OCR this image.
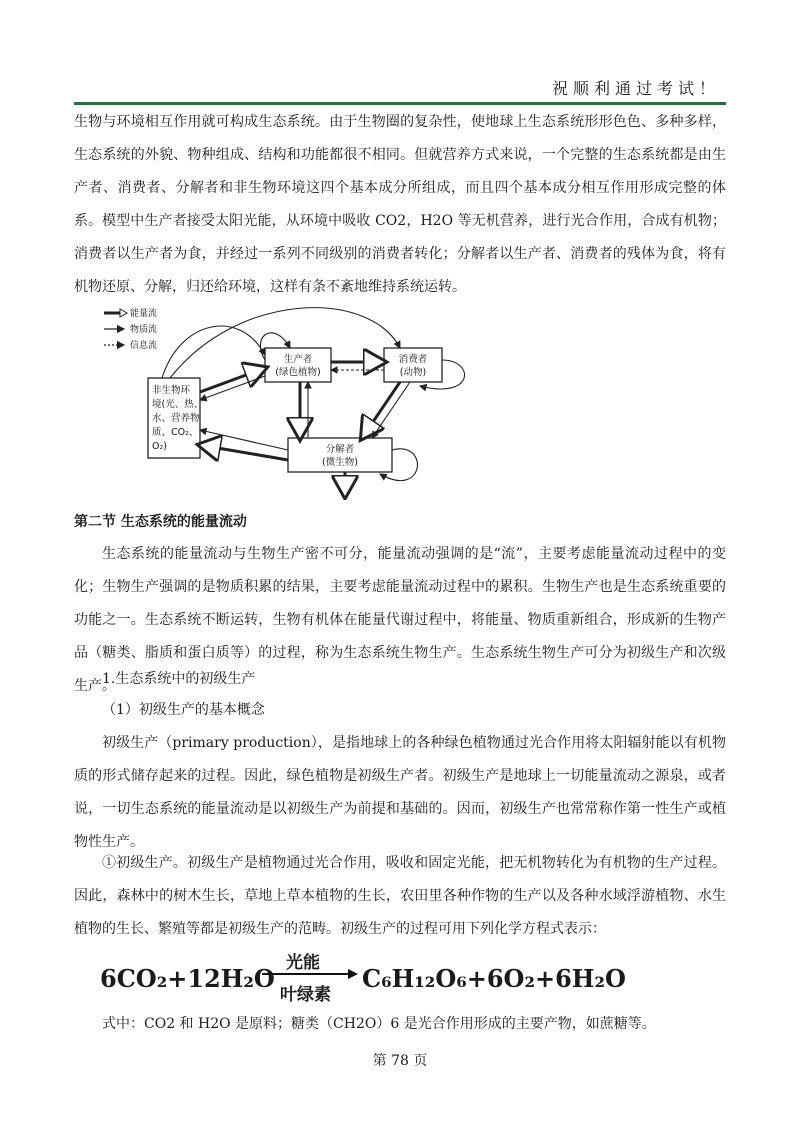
祝顺利通过考试！

生物与环境相互作用就可构成生态系统。由于生物圈的复杂性，使地球上生态系统形形色色、多种多样，生态系统的外貌、物种组成、结构和功能都很不相同。但就营养方式来说，一个完整的生态系统都是由生产者、消费者、分解者和非生物环境这四个基本成分所组成，而且四个基本成分相互作用形成完整的体系。 模型中生产者接受太阳光能，从环境中吸收 CO2，H2O 等无机营养，进行光合作用，合成有机物；消费者以生产者为食，并经过一系列不同级别的消费者转化；分解者以生产者、消费者的残体为食，将有机物还原、分解，归还给环境，这样有条不紊地维持系统运转。

能量流
物质流
信息流
生产者
(绿色植物)
消费者
(动物)
非生物环
境(光、热、
水、营养物
质、CO₂、
O₂)	分解者
(微生物)

第二节 生态系统的能量流动

生态系统的能量流动与生物生产密不可分，能量流动强调的是“流”，主要考虑能量流动过程中的变化；生物生产强调的是物质积累的结果，主要考虑能量流动过程中的累积。生物生产也是生态系统重要的功能之一。生态系统不断运转，生物有机体在能量代谢过程中，将能量、物质重新组合，形成新的生物产品（糖类、脂质和蛋白质等）的过程，称为生态系统生物生产。生态系统生物生产可分为初级生产和次级生产。

1.生态系统中的初级生产

（1）初级生产的基本概念

初级生产（primary production），是指地球上的各种绿色植物通过光合作用将太阳辐射能以有机物质的形式储存起来的过程。因此，绿色植物是初级生产者。初级生产是地球上一切能量流动之源泉，或者说，一切生态系统的能量流动是以初级生产为前提和基础的。因而，初级生产也常常称作第一性生产或植物性生产。

①初级生产。初级生产是植物通过光合作用，吸收和固定光能，把无机物转化为有机物的生产过程。因此，森林中的树木生长，草地上草本植物的生长，农田里各种作物的生产以及各种水域浮游植物、水生植物的生长、繁殖等都是初级生产的范畴。初级生产的过程可用下列化学方程式表示：

6CO₂+12H₂O
光能
叶绿素
C₆H₁₂O₆+6O₂+6H₂O

式中：CO2 和 H2O 是原料；糖类（CH2O）6 是光合作用形成的主要产物，如蔗糖等。

第 78 页
